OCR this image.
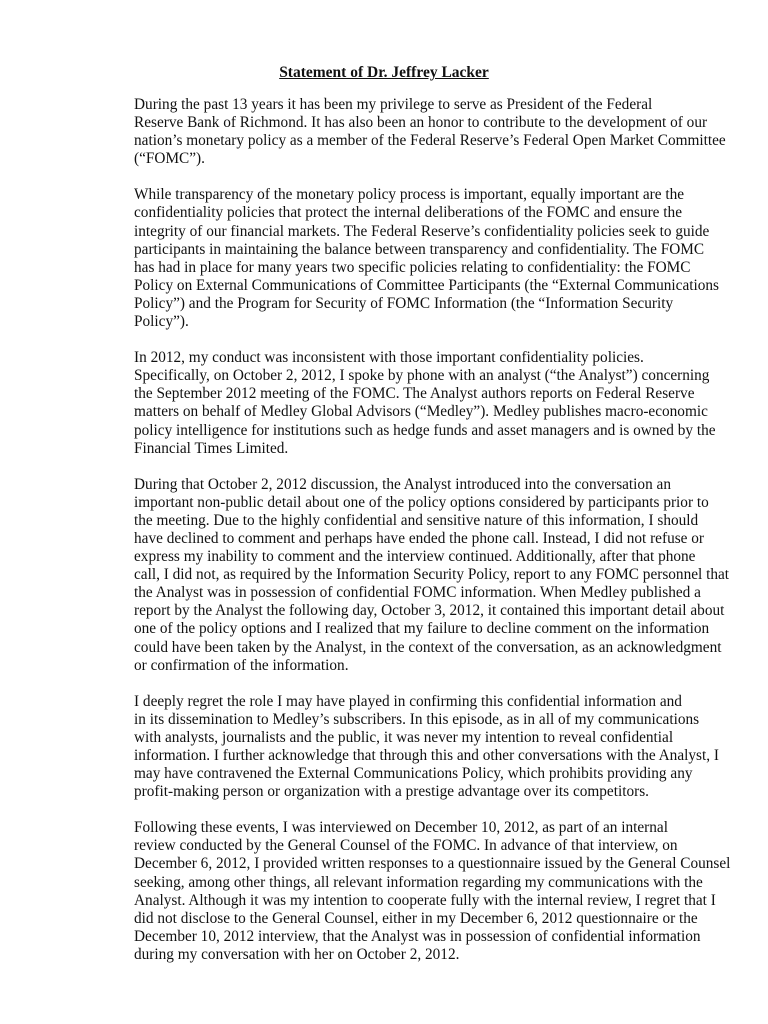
Statement of Dr. Jeffrey Lacker
During the past 13 years it has been my privilege to serve as President of the Federal
Reserve Bank of Richmond. It has also been an honor to contribute to the development of our
nation’s monetary policy as a member of the Federal Reserve’s Federal Open Market Committee
(“FOMC”).
While transparency of the monetary policy process is important, equally important are the
confidentiality policies that protect the internal deliberations of the FOMC and ensure the
integrity of our financial markets. The Federal Reserve’s confidentiality policies seek to guide
participants in maintaining the balance between transparency and confidentiality. The FOMC
has had in place for many years two specific policies relating to confidentiality: the FOMC
Policy on External Communications of Committee Participants (the “External Communications
Policy”) and the Program for Security of FOMC Information (the “Information Security
Policy”).
In 2012, my conduct was inconsistent with those important confidentiality policies.
Specifically, on October 2, 2012, I spoke by phone with an analyst (“the Analyst”) concerning
the September 2012 meeting of the FOMC. The Analyst authors reports on Federal Reserve
matters on behalf of Medley Global Advisors (“Medley”). Medley publishes macro-economic
policy intelligence for institutions such as hedge funds and asset managers and is owned by the
Financial Times Limited.
During that October 2, 2012 discussion, the Analyst introduced into the conversation an
important non-public detail about one of the policy options considered by participants prior to
the meeting. Due to the highly confidential and sensitive nature of this information, I should
have declined to comment and perhaps have ended the phone call. Instead, I did not refuse or
express my inability to comment and the interview continued. Additionally, after that phone
call, I did not, as required by the Information Security Policy, report to any FOMC personnel that
the Analyst was in possession of confidential FOMC information. When Medley published a
report by the Analyst the following day, October 3, 2012, it contained this important detail about
one of the policy options and I realized that my failure to decline comment on the information
could have been taken by the Analyst, in the context of the conversation, as an acknowledgment
or confirmation of the information.
I deeply regret the role I may have played in confirming this confidential information and
in its dissemination to Medley’s subscribers. In this episode, as in all of my communications
with analysts, journalists and the public, it was never my intention to reveal confidential
information. I further acknowledge that through this and other conversations with the Analyst, I
may have contravened the External Communications Policy, which prohibits providing any
profit-making person or organization with a prestige advantage over its competitors.
Following these events, I was interviewed on December 10, 2012, as part of an internal
review conducted by the General Counsel of the FOMC. In advance of that interview, on
December 6, 2012, I provided written responses to a questionnaire issued by the General Counsel
seeking, among other things, all relevant information regarding my communications with the
Analyst. Although it was my intention to cooperate fully with the internal review, I regret that I
did not disclose to the General Counsel, either in my December 6, 2012 questionnaire or the
December 10, 2012 interview, that the Analyst was in possession of confidential information
during my conversation with her on October 2, 2012.
